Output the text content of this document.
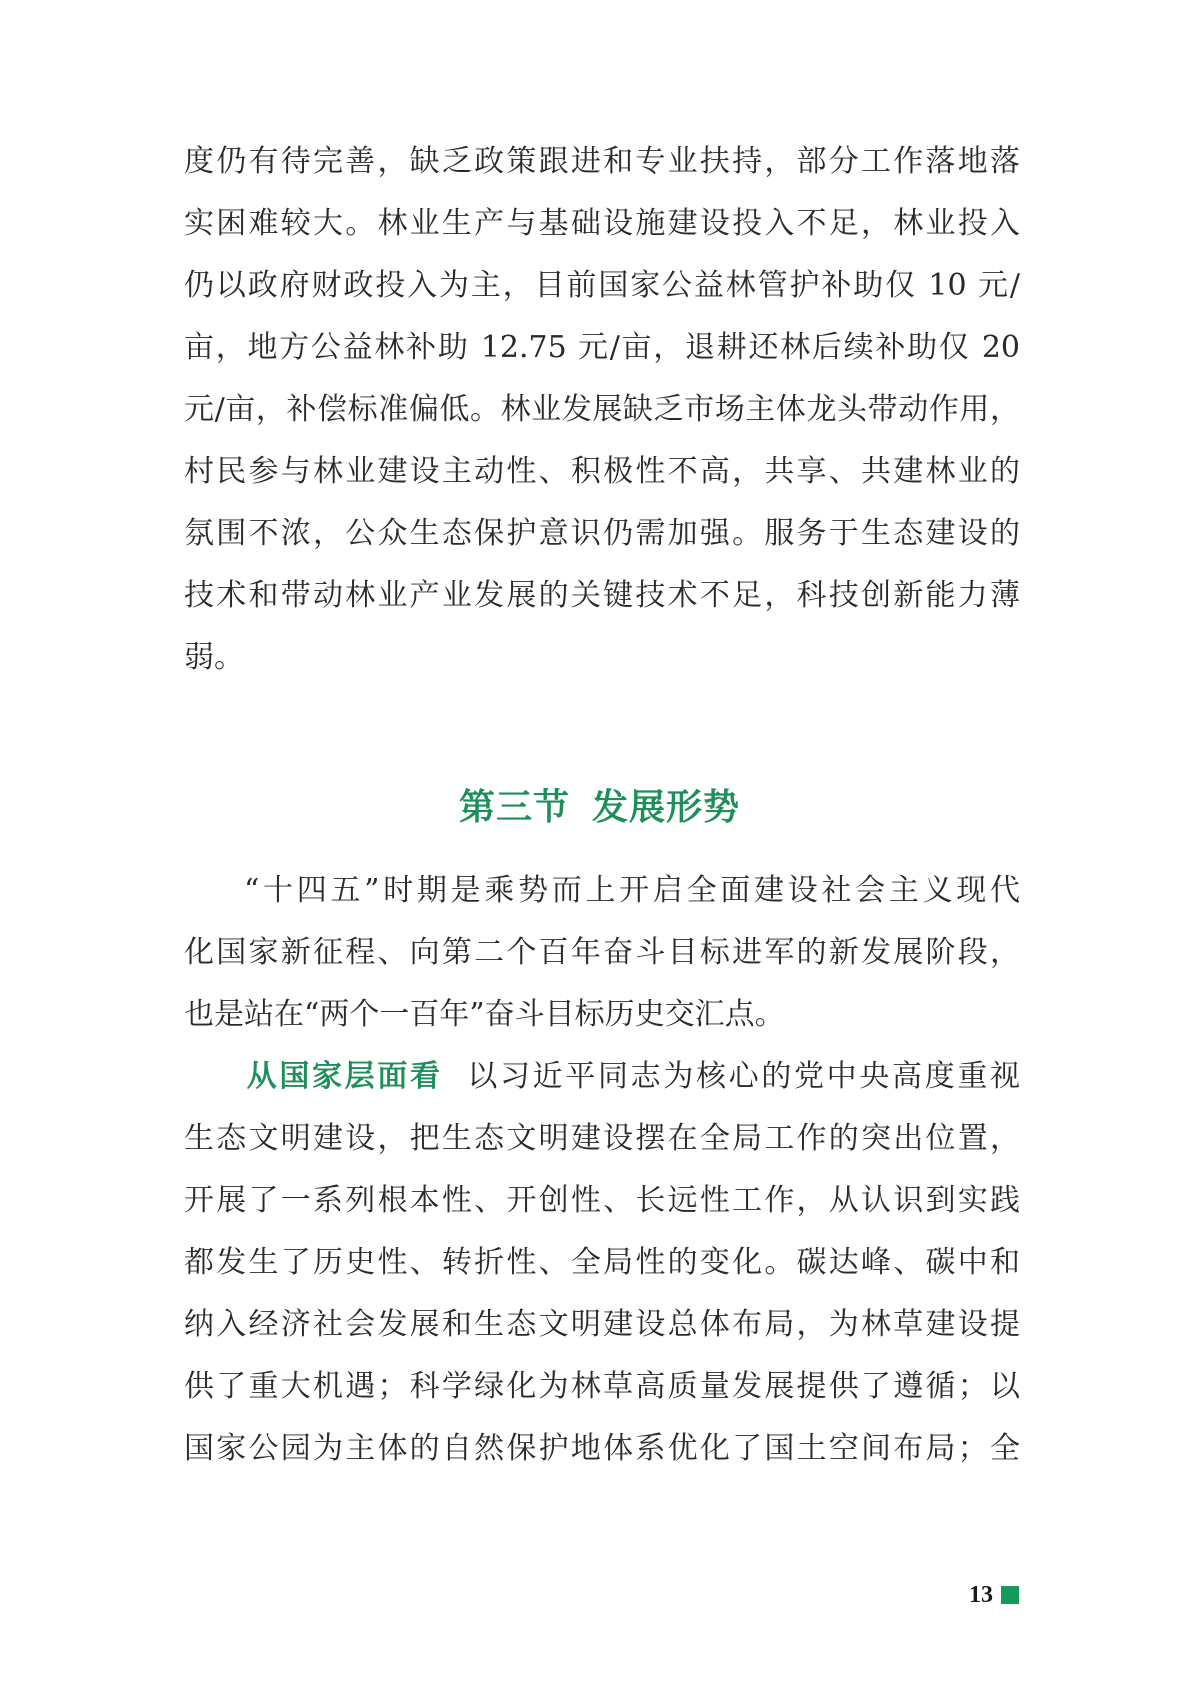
度仍有待完善，缺乏政策跟进和专业扶持，部分工作落地落
实困难较大。林业生产与基础设施建设投入不足，林业投入
仍以政府财政投入为主，目前国家公益林管护补助仅 10 元/
亩，地方公益林补助 12.75 元/亩，退耕还林后续补助仅 20
元/亩，补偿标准偏低。林业发展缺乏市场主体龙头带动作用，
村民参与林业建设主动性、积极性不高，共享、共建林业的
氛围不浓，公众生态保护意识仍需加强。服务于生态建设的
技术和带动林业产业发展的关键技术不足，科技创新能力薄
弱。
第三节 发展形势
“十四五”时期是乘势而上开启全面建设社会主义现代
化国家新征程、向第二个百年奋斗目标进军的新发展阶段，
也是站在“两个一百年”奋斗目标历史交汇点。
从国家层面看 以习近平同志为核心的党中央高度重视
生态文明建设，把生态文明建设摆在全局工作的突出位置，
开展了一系列根本性、开创性、长远性工作，从认识到实践
都发生了历史性、转折性、全局性的变化。碳达峰、碳中和
纳入经济社会发展和生态文明建设总体布局，为林草建设提
供了重大机遇；科学绿化为林草高质量发展提供了遵循；以
国家公园为主体的自然保护地体系优化了国土空间布局；全
13
